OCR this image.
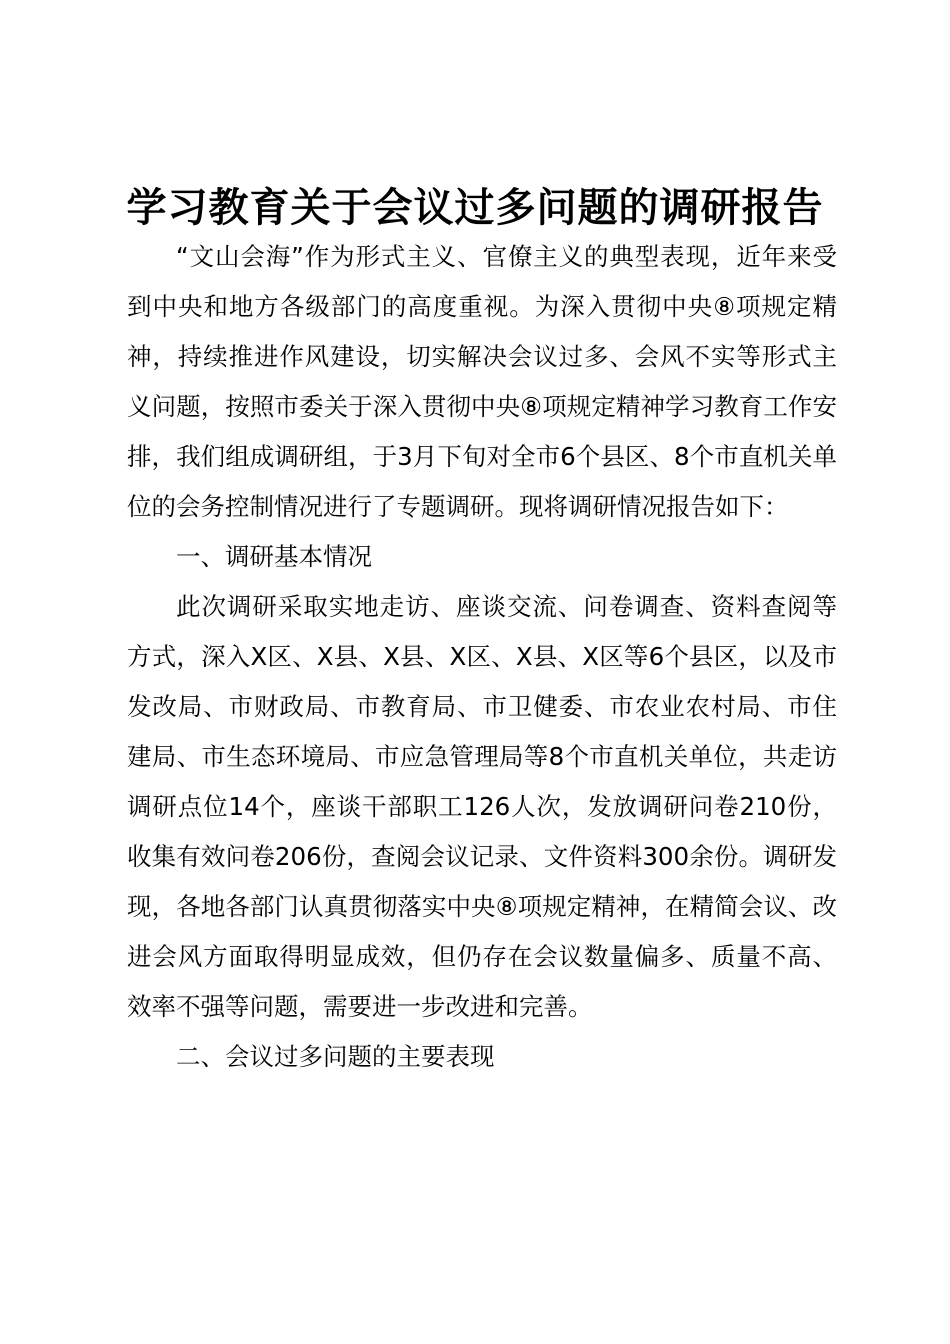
学习教育关于会议过多问题的调研报告

“文山会海”作为形式主义、官僚主义的典型表现，近年来受到中央和地方各级部门的高度重视。为深入贯彻中央⑧项规定精神，持续推进作风建设，切实解决会议过多、会风不实等形式主义问题，按照市委关于深入贯彻中央⑧项规定精神学习教育工作安排，我们组成调研组，于3月下旬对全市6个县区、8个市直机关单位的会务控制情况进行了专题调研。现将调研情况报告如下：

一、调研基本情况

此次调研采取实地走访、座谈交流、问卷调查、资料查阅等方式，深入X区、X县、X县、X区、X县、X区等6个县区，以及市发改局、市财政局、市教育局、市卫健委、市农业农村局、市住建局、市生态环境局、市应急管理局等8个市直机关单位，共走访调研点位14个，座谈干部职工126人次，发放调研问卷210份，收集有效问卷206份，查阅会议记录、文件资料300余份。调研发现，各地各部门认真贯彻落实中央⑧项规定精神，在精简会议、改进会风方面取得明显成效，但仍存在会议数量偏多、质量不高、效率不强等问题，需要进一步改进和完善。

二、会议过多问题的主要表现
